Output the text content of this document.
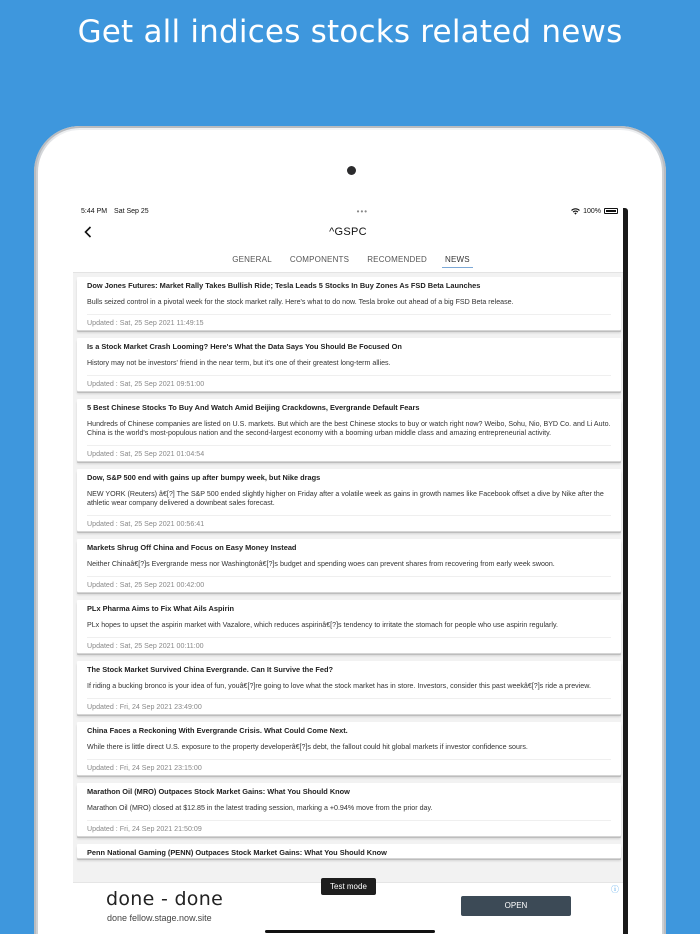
Get all indices stocks related news
5:44 PM Sat Sep 25	•••	100%
^GSPC
GENERAL	COMPONENTS	RECOMENDED	NEWS
Dow Jones Futures: Market Rally Takes Bullish Ride; Tesla Leads 5 Stocks In Buy Zones As FSD Beta Launches
Bulls seized control in a pivotal week for the stock market rally. Here's what to do now. Tesla broke out ahead of a big FSD Beta release.
Updated : Sat, 25 Sep 2021 11:49:15
Is a Stock Market Crash Looming? Here's What the Data Says You Should Be Focused On
History may not be investors' friend in the near term, but it's one of their greatest long-term allies.
Updated : Sat, 25 Sep 2021 09:51:00
5 Best Chinese Stocks To Buy And Watch Amid Beijing Crackdowns, Evergrande Default Fears
Hundreds of Chinese companies are listed on U.S. markets. But which are the best Chinese stocks to buy or watch right now? Weibo, Sohu, Nio, BYD Co. and Li Auto. China is the world's most-populous nation and the second-largest economy with a booming urban middle class and amazing entrepreneurial activity.
Updated : Sat, 25 Sep 2021 01:04:54
Dow, S&P 500 end with gains up after bumpy week, but Nike drags
NEW YORK (Reuters) â€[?] The S&P 500 ended slightly higher on Friday after a volatile week as gains in growth names like Facebook offset a dive by Nike after the athletic wear company delivered a downbeat sales forecast.
Updated : Sat, 25 Sep 2021 00:56:41
Markets Shrug Off China and Focus on Easy Money Instead
Neither Chinaâ€[?]s Evergrande mess nor Washingtonâ€[?]s budget and spending woes can prevent shares from recovering from early week swoon.
Updated : Sat, 25 Sep 2021 00:42:00
PLx Pharma Aims to Fix What Ails Aspirin
PLx hopes to upset the aspirin market with Vazalore, which reduces aspirinâ€[?]s tendency to irritate the stomach for people who use aspirin regularly.
Updated : Sat, 25 Sep 2021 00:11:00
The Stock Market Survived China Evergrande. Can It Survive the Fed?
If riding a bucking bronco is your idea of fun, youâ€[?]re going to love what the stock market has in store. Investors, consider this past weekâ€[?]s ride a preview.
Updated : Fri, 24 Sep 2021 23:49:00
China Faces a Reckoning With Evergrande Crisis. What Could Come Next.
While there is little direct U.S. exposure to the property developerâ€[?]s debt, the fallout could hit global markets if investor confidence sours.
Updated : Fri, 24 Sep 2021 23:15:00
Marathon Oil (MRO) Outpaces Stock Market Gains: What You Should Know
Marathon Oil (MRO) closed at $12.85 in the latest trading session, marking a +0.94% move from the prior day.
Updated : Fri, 24 Sep 2021 21:50:09
Penn National Gaming (PENN) Outpaces Stock Market Gains: What You Should Know
Test mode
done - done
done fellow.stage.now.site
OPEN
ⓘ
